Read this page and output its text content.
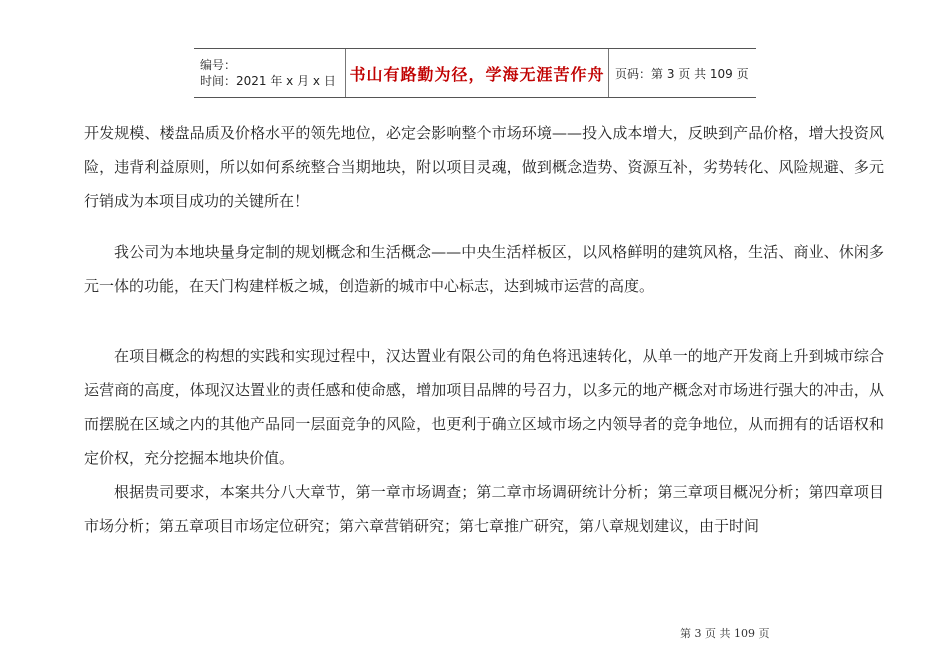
编号：
时间：2021 年 x 月 x 日 书山有路勤为径，学海无涯苦作舟 页码：第 3 页 共 109 页

开发规模、楼盘品质及价格水平的领先地位，必定会影响整个市场环境——投入成本增大，反映到产品价格，增大投资风险，违背利益原则，所以如何系统整合当期地块，附以项目灵魂，做到概念造势、资源互补，劣势转化、风险规避、多元行销成为本项目成功的关键所在！

我公司为本地块量身定制的规划概念和生活概念——中央生活样板区，以风格鲜明的建筑风格，生活、商业、休闲多元一体的功能，在天门构建样板之城，创造新的城市中心标志，达到城市运营的高度。

在项目概念的构想的实践和实现过程中，汉达置业有限公司的角色将迅速转化，从单一的地产开发商上升到城市综合运营商的高度，体现汉达置业的责任感和使命感，增加项目品牌的号召力，以多元的地产概念对市场进行强大的冲击，从而摆脱在区域之内的其他产品同一层面竞争的风险，也更利于确立区域市场之内领导者的竞争地位，从而拥有的话语权和定价权，充分挖掘本地块价值。

根据贵司要求，本案共分八大章节，第一章市场调查；第二章市场调研统计分析；第三章项目概况分析；第四章项目市场分析；第五章项目市场定位研究；第六章营销研究；第七章推广研究，第八章规划建议，由于时间

第 3 页 共 109 页
